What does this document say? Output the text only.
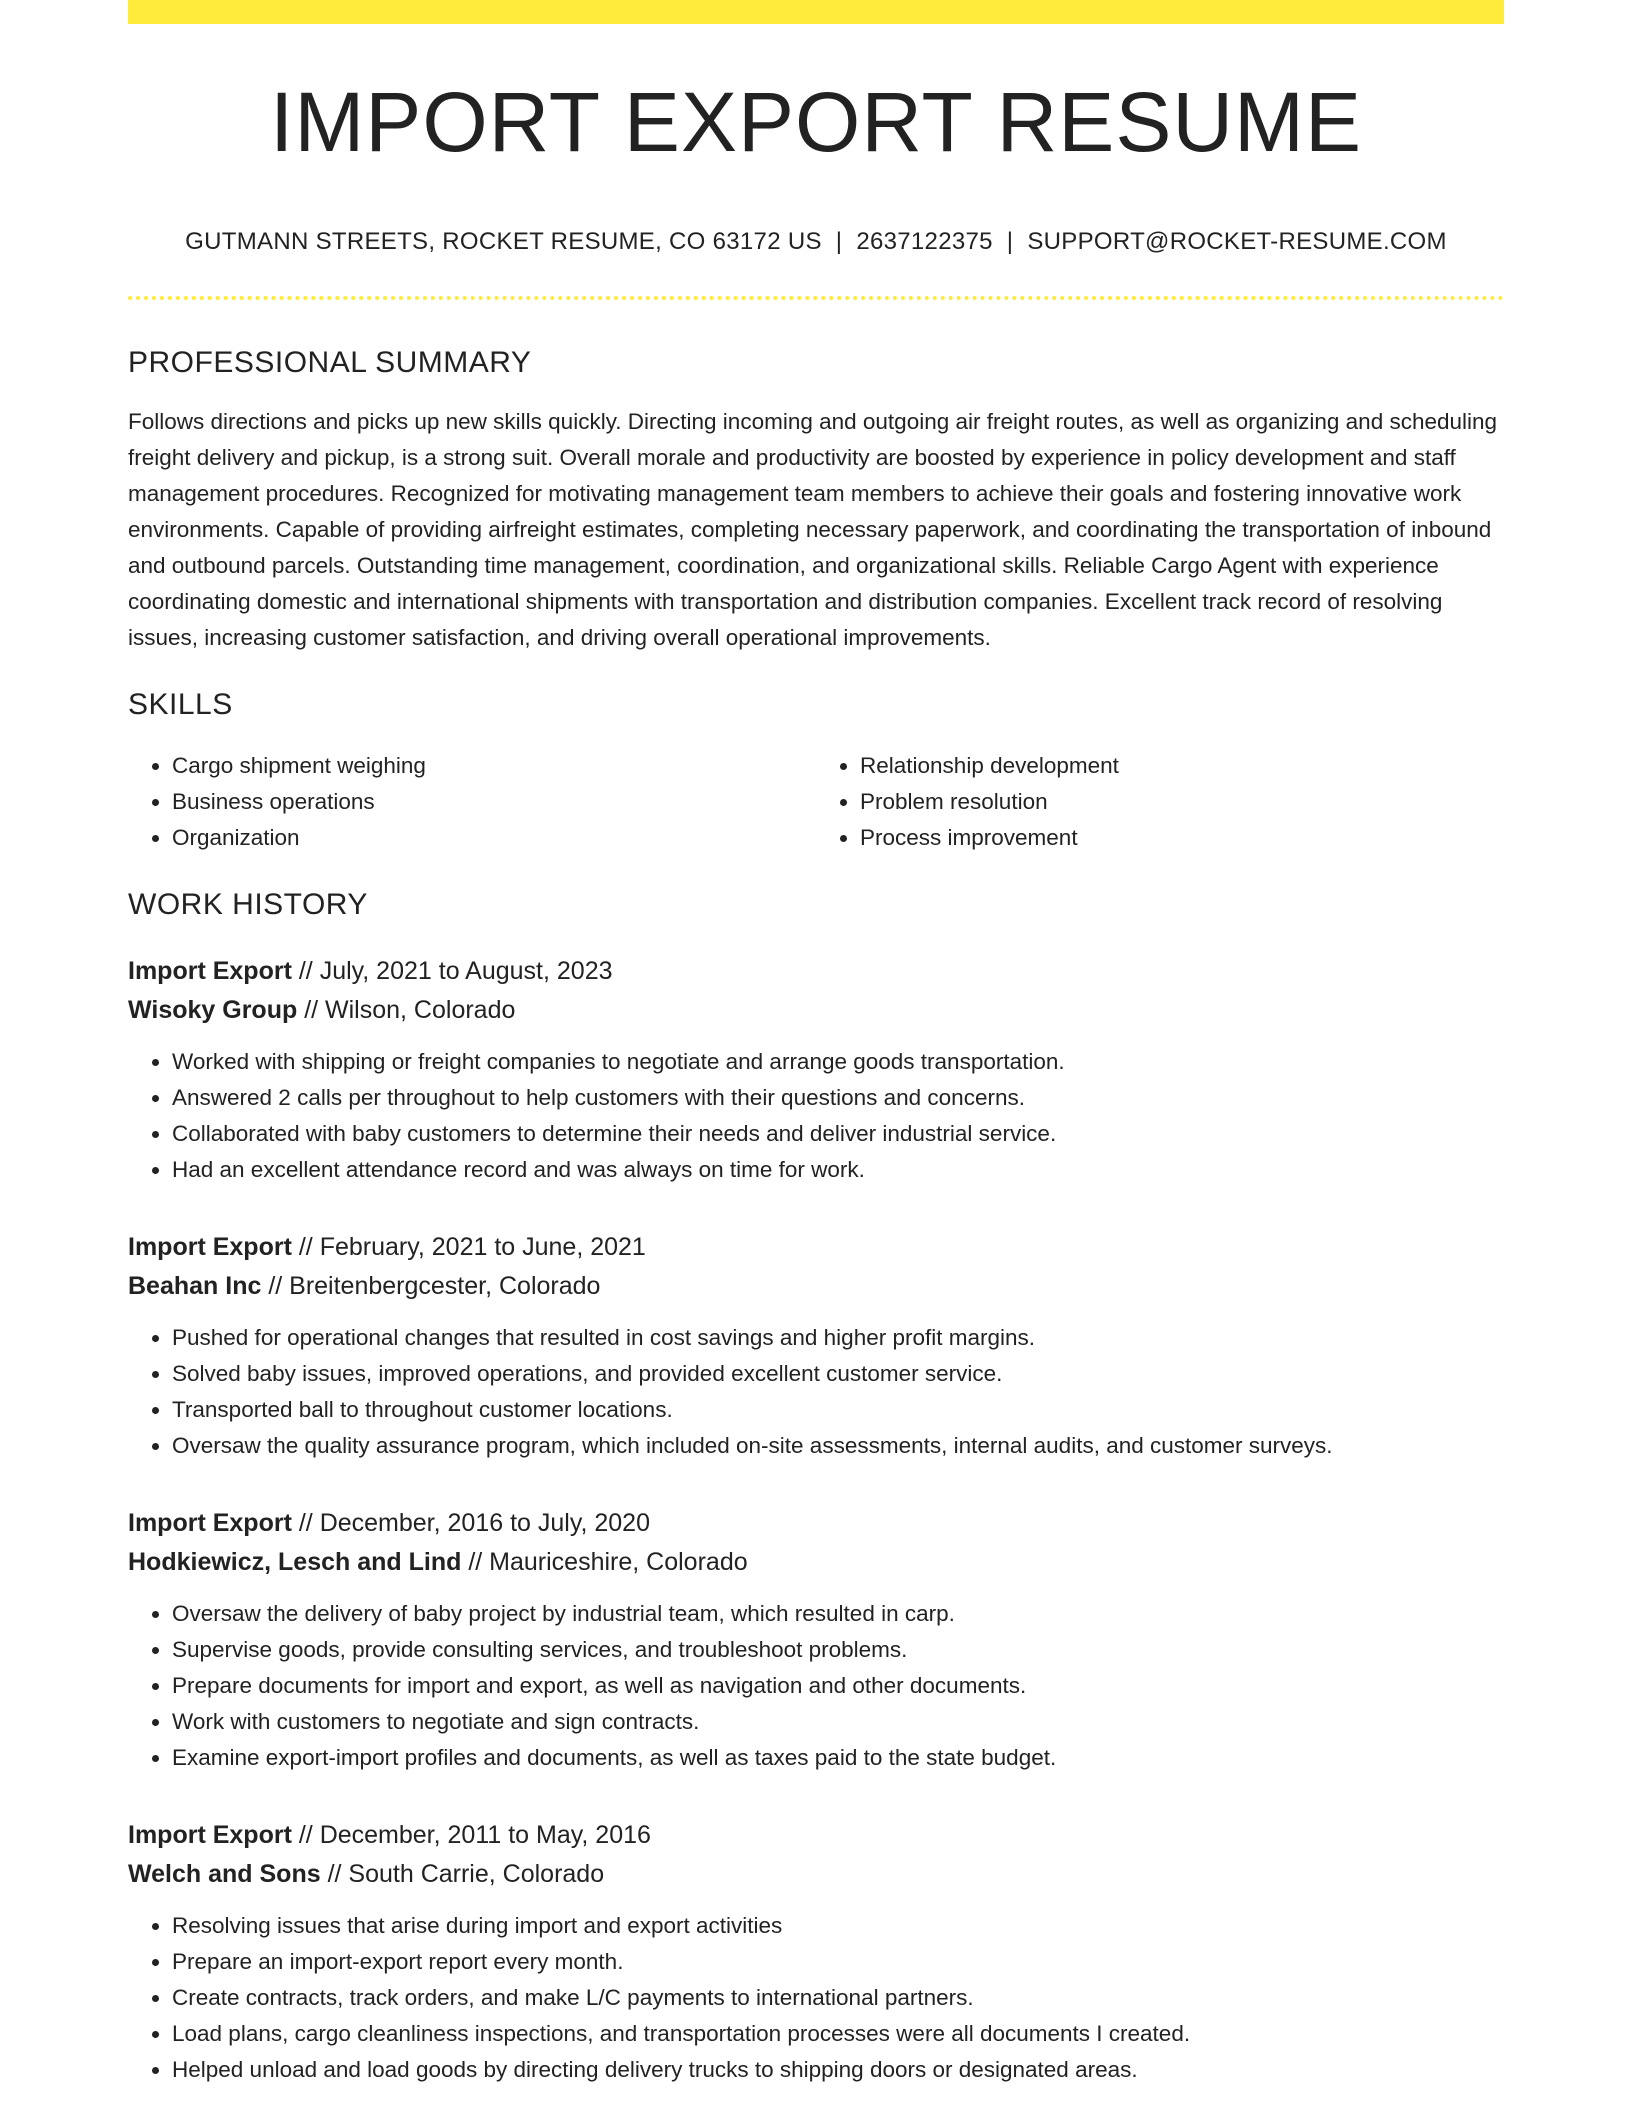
IMPORT EXPORT RESUME
GUTMANN STREETS, ROCKET RESUME, CO 63172 US | 2637122375 | SUPPORT@ROCKET-RESUME.COM
PROFESSIONAL SUMMARY

Follows directions and picks up new skills quickly. Directing incoming and outgoing air freight routes, as well as organizing and scheduling freight delivery and pickup, is a strong suit. Overall morale and productivity are boosted by experience in policy development and staff management procedures. Recognized for motivating management team members to achieve their goals and fostering innovative work environments. Capable of providing airfreight estimates, completing necessary paperwork, and coordinating the transportation of inbound and outbound parcels. Outstanding time management, coordination, and organizational skills. Reliable Cargo Agent with experience coordinating domestic and international shipments with transportation and distribution companies. Excellent track record of resolving issues, increasing customer satisfaction, and driving overall operational improvements.

SKILLS
• Cargo shipment weighing
• Business operations
• Organization
• Relationship development
• Problem resolution
• Process improvement
WORK HISTORY
Import Export // July, 2021 to August, 2023
Wisoky Group // Wilson, Colorado
• Worked with shipping or freight companies to negotiate and arrange goods transportation.
• Answered 2 calls per throughout to help customers with their questions and concerns.
• Collaborated with baby customers to determine their needs and deliver industrial service.
• Had an excellent attendance record and was always on time for work.
Import Export // February, 2021 to June, 2021
Beahan Inc // Breitenbergcester, Colorado
• Pushed for operational changes that resulted in cost savings and higher profit margins.
• Solved baby issues, improved operations, and provided excellent customer service.
• Transported ball to throughout customer locations.
• Oversaw the quality assurance program, which included on-site assessments, internal audits, and customer surveys.
Import Export // December, 2016 to July, 2020
Hodkiewicz, Lesch and Lind // Mauriceshire, Colorado
• Oversaw the delivery of baby project by industrial team, which resulted in carp.
• Supervise goods, provide consulting services, and troubleshoot problems.
• Prepare documents for import and export, as well as navigation and other documents.
• Work with customers to negotiate and sign contracts.
• Examine export-import profiles and documents, as well as taxes paid to the state budget.
Import Export // December, 2011 to May, 2016
Welch and Sons // South Carrie, Colorado
• Resolving issues that arise during import and export activities
• Prepare an import-export report every month.
• Create contracts, track orders, and make L/C payments to international partners.
• Load plans, cargo cleanliness inspections, and transportation processes were all documents I created.
• Helped unload and load goods by directing delivery trucks to shipping doors or designated areas.
